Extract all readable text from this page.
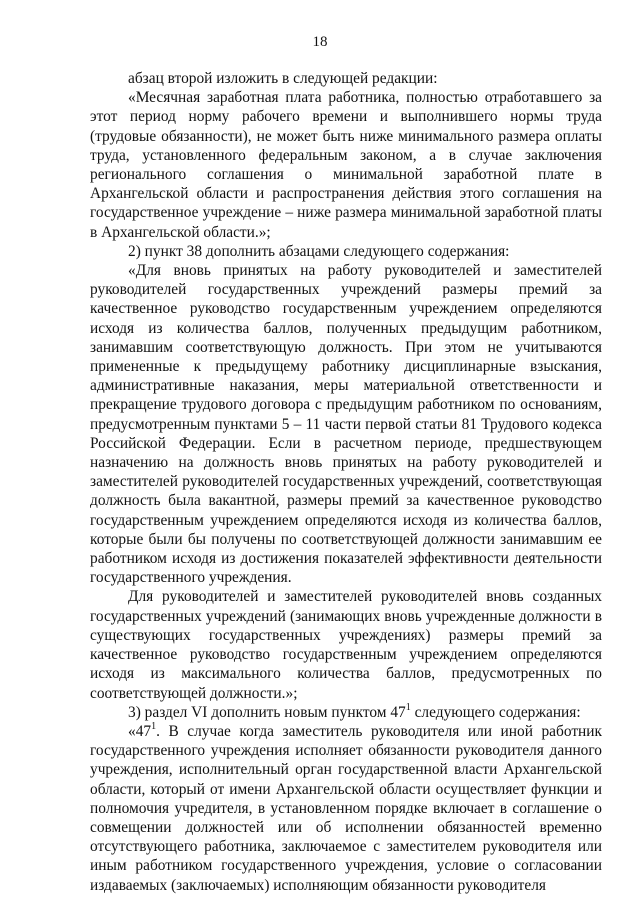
18

абзац второй изложить в следующей редакции:

«Месячная заработная плата работника, полностью отработавшего за этот период норму рабочего времени и выполнившего нормы труда (трудовые обязанности), не может быть ниже минимального размера оплаты труда, установленного федеральным законом, а в случае заключения регионального соглашения о минимальной заработной плате в Архангельской области и распространения действия этого соглашения на государственное учреждение – ниже размера минимальной заработной платы в Архангельской области.»;

2) пункт 38 дополнить абзацами следующего содержания:

«Для вновь принятых на работу руководителей и заместителей руководителей государственных учреждений размеры премий за качественное руководство государственным учреждением определяются исходя из количества баллов, полученных предыдущим работником, занимавшим соответствующую должность. При этом не учитываются примененные к предыдущему работнику дисциплинарные взыскания, административные наказания, меры материальной ответственности и прекращение трудового договора с предыдущим работником по основаниям, предусмотренным пунктами 5 – 11 части первой статьи 81 Трудового кодекса Российской Федерации. Если в расчетном периоде, предшествующем назначению на должность вновь принятых на работу руководителей и заместителей руководителей государственных учреждений, соответствующая должность была вакантной, размеры премий за качественное руководство государственным учреждением определяются исходя из количества баллов, которые были бы получены по соответствующей должности занимавшим ее работником исходя из достижения показателей эффективности деятельности государственного учреждения.

Для руководителей и заместителей руководителей вновь созданных государственных учреждений (занимающих вновь учрежденные должности в существующих государственных учреждениях) размеры премий за качественное руководство государственным учреждением определяются исходя из максимального количества баллов, предусмотренных по соответствующей должности.»;

3) раздел VI дополнить новым пунктом $47^1$ следующего содержания:

«$47^1$. В случае когда заместитель руководителя или иной работник государственного учреждения исполняет обязанности руководителя данного учреждения, исполнительный орган государственной власти Архангельской области, который от имени Архангельской области осуществляет функции и полномочия учредителя, в установленном порядке включает в соглашение о совмещении должностей или об исполнении обязанностей временно отсутствующего работника, заключаемое с заместителем руководителя или иным работником государственного учреждения, условие о согласовании издаваемых (заключаемых) исполняющим обязанности руководителя
